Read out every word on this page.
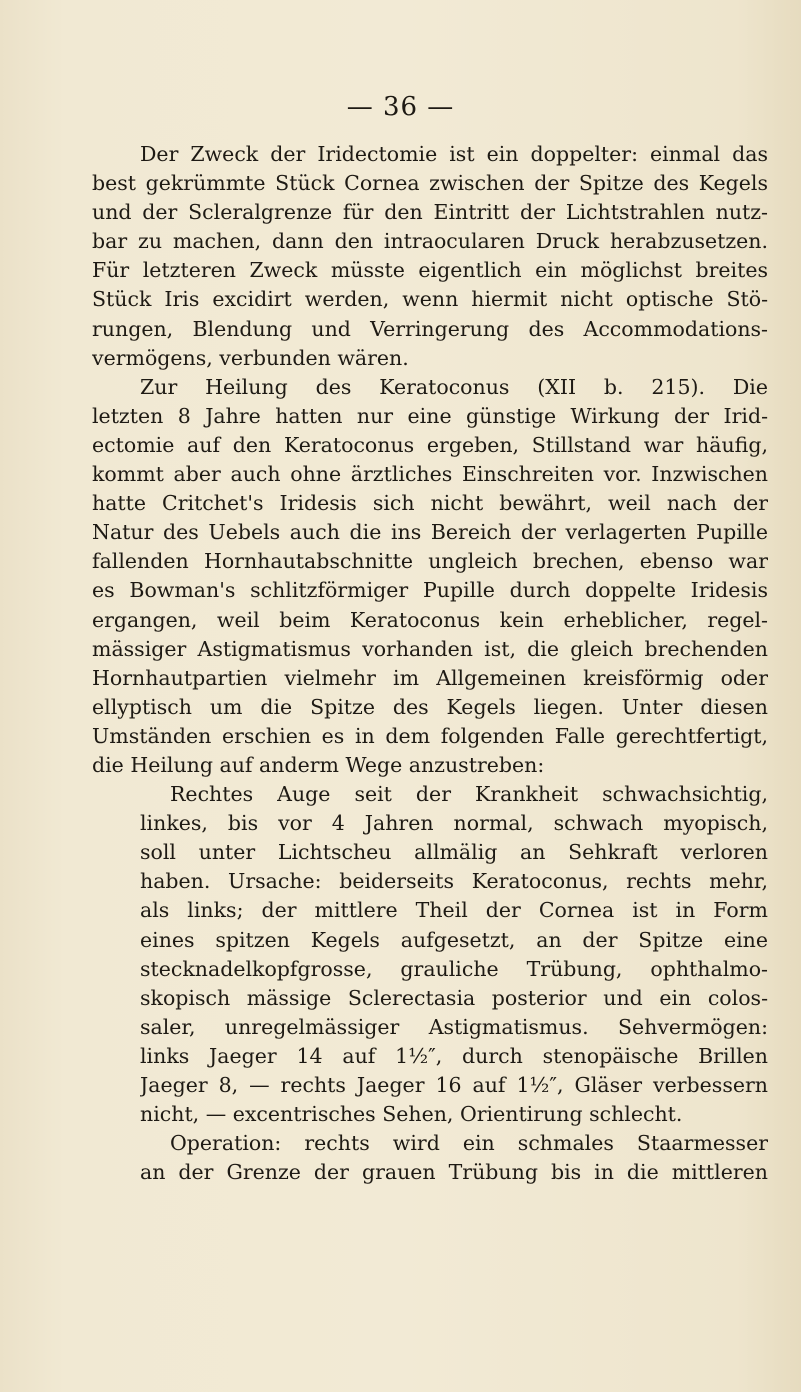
— 36 —

Der Zweck der Iridectomie ist ein doppelter: einmal das
best gekrümmte Stück Cornea zwischen der Spitze des Kegels
und der Scleralgrenze für den Eintritt der Lichtstrahlen nutz-
bar zu machen, dann den intraocularen Druck herabzusetzen.
Für letzteren Zweck müsste eigentlich ein möglichst breites
Stück Iris excidirt werden, wenn hiermit nicht optische Stö-
rungen, Blendung und Verringerung des Accommodations-
vermögens, verbunden wären.

Zur Heilung des Keratoconus (XII b. 215). Die
letzten 8 Jahre hatten nur eine günstige Wirkung der Irid-
ectomie auf den Keratoconus ergeben, Stillstand war häufig,
kommt aber auch ohne ärztliches Einschreiten vor. Inzwischen
hatte Critchet's Iridesis sich nicht bewährt, weil nach der
Natur des Uebels auch die ins Bereich der verlagerten Pupille
fallenden Hornhautabschnitte ungleich brechen, ebenso war
es Bowman's schlitzförmiger Pupille durch doppelte Iridesis
ergangen, weil beim Keratoconus kein erheblicher, regel-
mässiger Astigmatismus vorhanden ist, die gleich brechenden
Hornhautpartien vielmehr im Allgemeinen kreisförmig oder
ellyptisch um die Spitze des Kegels liegen. Unter diesen
Umständen erschien es in dem folgenden Falle gerechtfertigt,
die Heilung auf anderm Wege anzustreben:

Rechtes Auge seit der Krankheit schwachsichtig,
linkes, bis vor 4 Jahren normal, schwach myopisch,
soll unter Lichtscheu allmälig an Sehkraft verloren
haben. Ursache: beiderseits Keratoconus, rechts mehr,
als links; der mittlere Theil der Cornea ist in Form
eines spitzen Kegels aufgesetzt, an der Spitze eine
stecknadelkopfgrosse, grauliche Trübung, ophthalmo-
skopisch mässige Sclerectasia posterior und ein colos-
saler, unregelmässiger Astigmatismus. Sehvermögen:
links Jaeger 14 auf 1½″, durch stenopäische Brillen
Jaeger 8, — rechts Jaeger 16 auf 1½″, Gläser verbessern
nicht, — excentrisches Sehen, Orientirung schlecht.

Operation: rechts wird ein schmales Staarmesser
an der Grenze der grauen Trübung bis in die mittleren
